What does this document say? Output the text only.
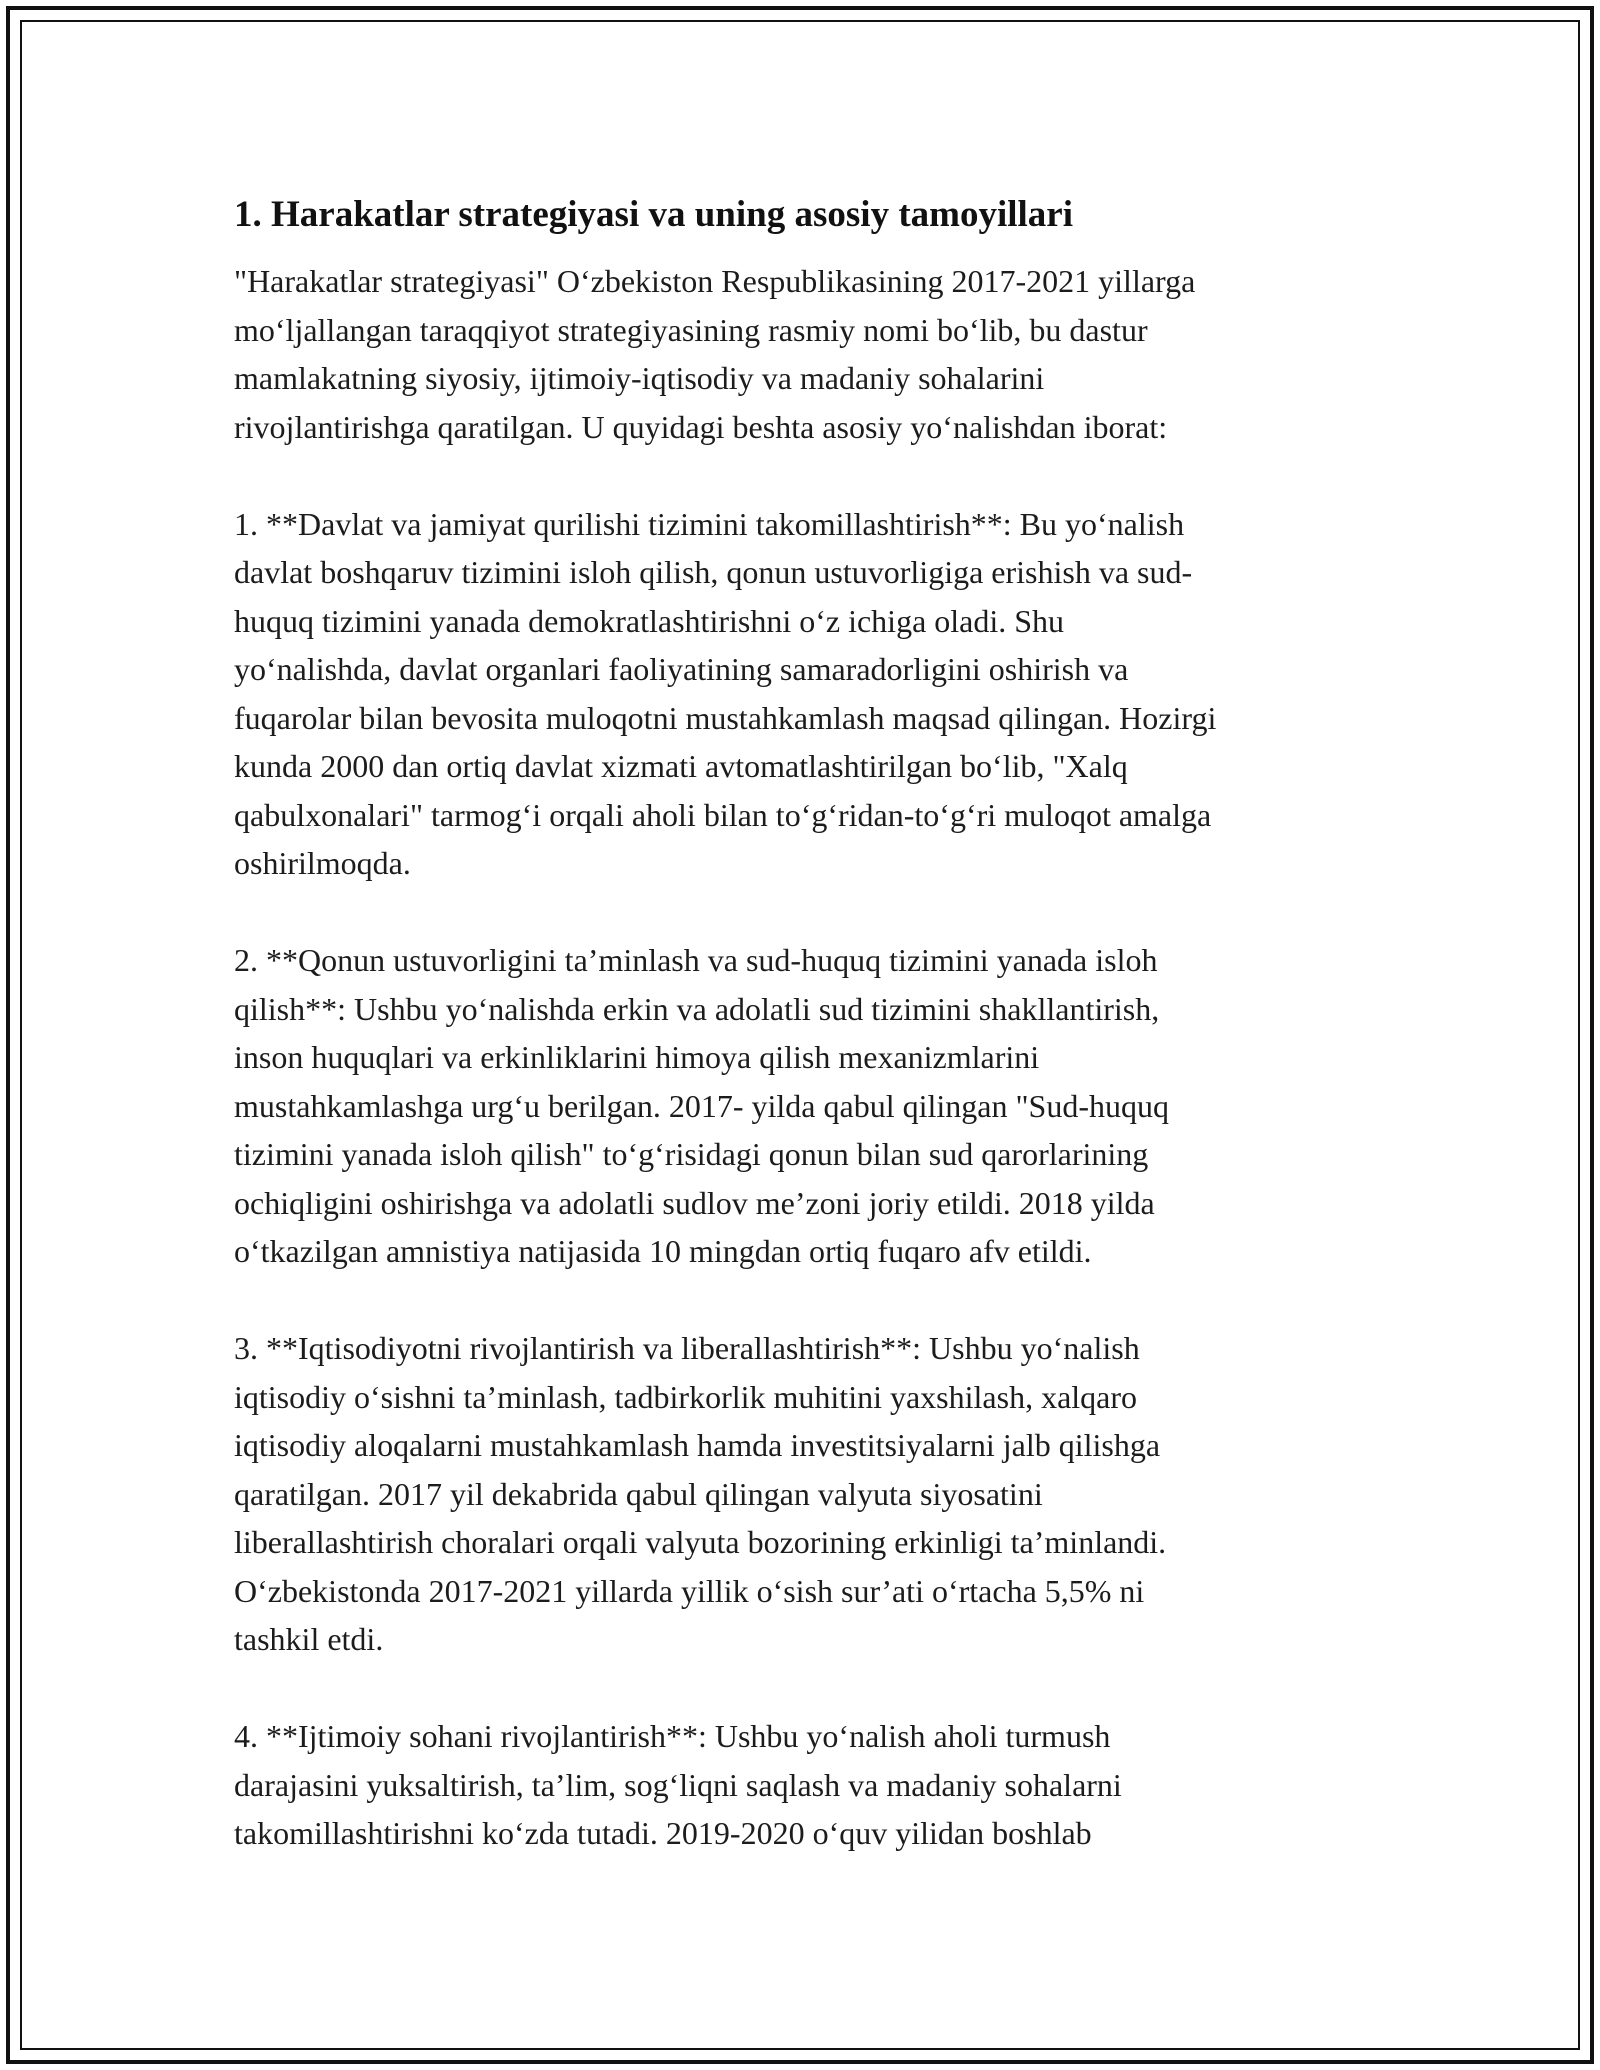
1. Harakatlar strategiyasi va uning asosiy tamoyillari
"Harakatlar strategiyasi" O‘zbekiston Respublikasining 2017-2021 yillarga
mo‘ljallangan taraqqiyot strategiyasining rasmiy nomi bo‘lib, bu dastur
mamlakatning siyosiy, ijtimoiy-iqtisodiy va madaniy sohalarini
rivojlantirishga qaratilgan. U quyidagi beshta asosiy yo‘nalishdan iborat:
1. **Davlat va jamiyat qurilishi tizimini takomillashtirish**: Bu yo‘nalish
davlat boshqaruv tizimini isloh qilish, qonun ustuvorligiga erishish va sud-
huquq tizimini yanada demokratlashtirishni o‘z ichiga oladi. Shu
yo‘nalishda, davlat organlari faoliyatining samaradorligini oshirish va
fuqarolar bilan bevosita muloqotni mustahkamlash maqsad qilingan. Hozirgi
kunda 2000 dan ortiq davlat xizmati avtomatlashtirilgan bo‘lib, "Xalq
qabulxonalari" tarmog‘i orqali aholi bilan to‘g‘ridan-to‘g‘ri muloqot amalga
oshirilmoqda.
2. **Qonun ustuvorligini ta’minlash va sud-huquq tizimini yanada isloh
qilish**: Ushbu yo‘nalishda erkin va adolatli sud tizimini shakllantirish,
inson huquqlari va erkinliklarini himoya qilish mexanizmlarini
mustahkamlashga urg‘u berilgan. 2017- yilda qabul qilingan "Sud-huquq
tizimini yanada isloh qilish" to‘g‘risidagi qonun bilan sud qarorlarining
ochiqligini oshirishga va adolatli sudlov me’zoni joriy etildi. 2018 yilda
o‘tkazilgan amnistiya natijasida 10 mingdan ortiq fuqaro afv etildi.
3. **Iqtisodiyotni rivojlantirish va liberallashtirish**: Ushbu yo‘nalish
iqtisodiy o‘sishni ta’minlash, tadbirkorlik muhitini yaxshilash, xalqaro
iqtisodiy aloqalarni mustahkamlash hamda investitsiyalarni jalb qilishga
qaratilgan. 2017 yil dekabrida qabul qilingan valyuta siyosatini
liberallashtirish choralari orqali valyuta bozorining erkinligi ta’minlandi.
O‘zbekistonda 2017-2021 yillarda yillik o‘sish sur’ati o‘rtacha 5,5% ni
tashkil etdi.
4. **Ijtimoiy sohani rivojlantirish**: Ushbu yo‘nalish aholi turmush
darajasini yuksaltirish, ta’lim, sog‘liqni saqlash va madaniy sohalarni
takomillashtirishni ko‘zda tutadi. 2019-2020 o‘quv yilidan boshlab
